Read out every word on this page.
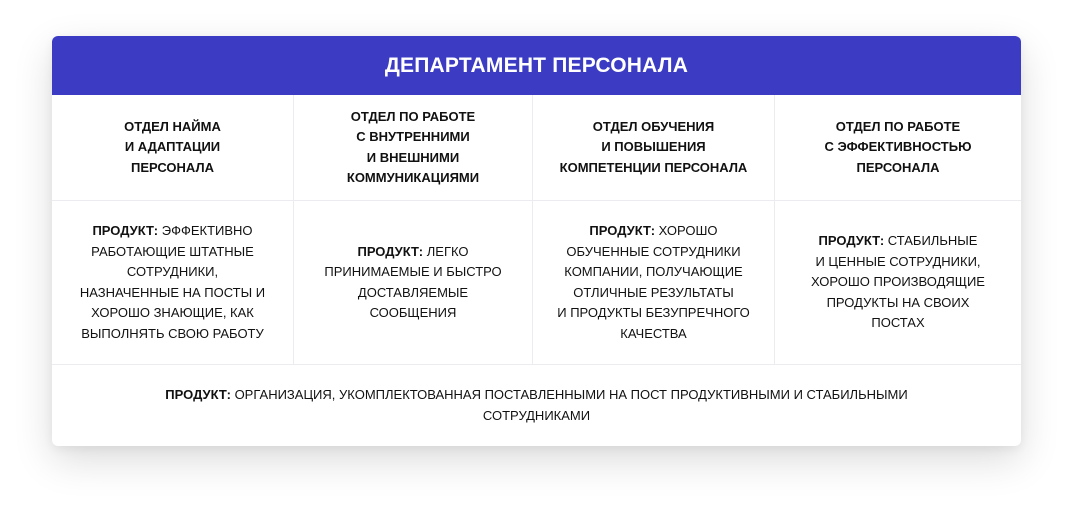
ДЕПАРТАМЕНТ ПЕРСОНАЛА
ОТДЕЛ НАЙМА
И АДАПТАЦИИ
ПЕРСОНАЛА
ОТДЕЛ ПО РАБОТЕ
С ВНУТРЕННИМИ
И ВНЕШНИМИ
КОММУНИКАЦИЯМИ
ОТДЕЛ ОБУЧЕНИЯ
И ПОВЫШЕНИЯ
КОМПЕТЕНЦИИ ПЕРСОНАЛА
ОТДЕЛ ПО РАБОТЕ
С ЭФФЕКТИВНОСТЬЮ
ПЕРСОНАЛА
ПРОДУКТ: ЭФФЕКТИВНО
РАБОТАЮЩИЕ ШТАТНЫЕ
СОТРУДНИКИ,
НАЗНАЧЕННЫЕ НА ПОСТЫ И
ХОРОШО ЗНАЮЩИЕ, КАК
ВЫПОЛНЯТЬ СВОЮ РАБОТУ
ПРОДУКТ: ЛЕГКО
ПРИНИМАЕМЫЕ И БЫСТРО
ДОСТАВЛЯЕМЫЕ
СООБЩЕНИЯ
ПРОДУКТ: ХОРОШО
ОБУЧЕННЫЕ СОТРУДНИКИ
КОМПАНИИ, ПОЛУЧАЮЩИЕ
ОТЛИЧНЫЕ РЕЗУЛЬТАТЫ
И ПРОДУКТЫ БЕЗУПРЕЧНОГО
КАЧЕСТВА
ПРОДУКТ: СТАБИЛЬНЫЕ
И ЦЕННЫЕ СОТРУДНИКИ,
ХОРОШО ПРОИЗВОДЯЩИЕ
ПРОДУКТЫ НА СВОИХ
ПОСТАХ
ПРОДУКТ: ОРГАНИЗАЦИЯ, УКОМПЛЕКТОВАННАЯ ПОСТАВЛЕННЫМИ НА ПОСТ ПРОДУКТИВНЫМИ И СТАБИЛЬНЫМИ
СОТРУДНИКАМИ
